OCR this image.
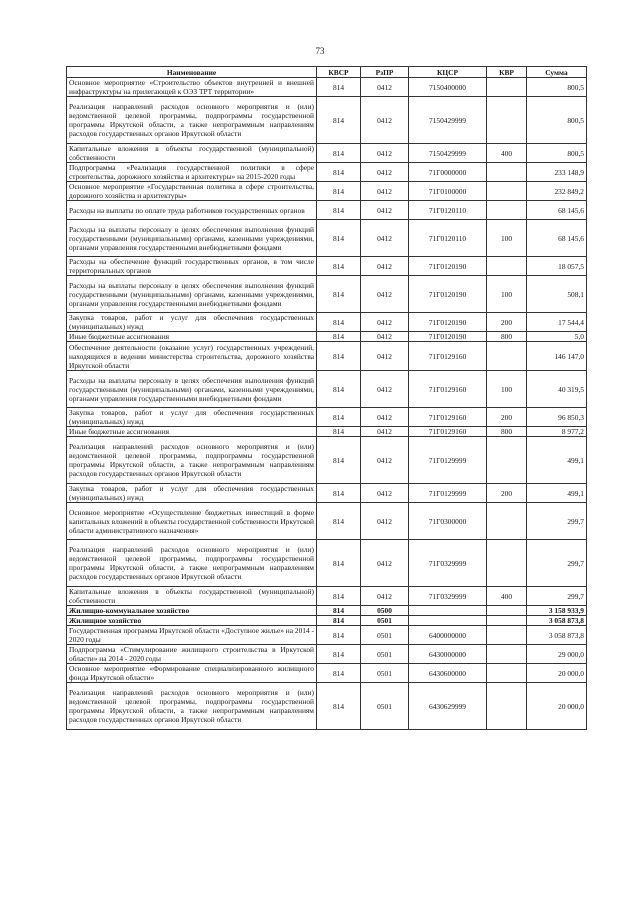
73
Наименование	КВСР	РзПР	КЦСР	КВР	Сумма
Основное мероприятие «Строительство объектов внутренней и внешней инфраструктуры на прилегающей к ОЭЗ ТРТ территории»	814	0412	7150400000		800,5
Реализация направлений расходов основного мероприятия и (или) ведомственной целевой программы, подпрограммы государственной программы Иркутской области, а также непрограммным направлениям расходов государственных органов Иркутской области	814	0412	7150429999		800,5
Капитальные вложения в объекты государственной (муниципальной) собственности	814	0412	7150429999	400	800,5
Подпрограмма «Реализация государственной политики в сфере строительства, дорожного хозяйства и архитектуры» на 2015-2020 годы	814	0412	71Г0000000		233 148,9
Основное мероприятие «Государственная политика в сфере строительства, дорожного хозяйства и архитектуры»	814	0412	71Г0100000		232 849,2
Расходы на выплаты по оплате труда работников государственных органов	814	0412	71Г0120110		68 145,6
Расходы на выплаты персоналу в целях обеспечения выполнения функций государственными (муниципальными) органами, казенными учреждениями, органами управления государственными внебюджетными фондами	814	0412	71Г0120110	100	68 145,6
Расходы на обеспечение функций государственных органов, в том числе территориальных органов	814	0412	71Г0120190		18 057,5
Расходы на выплаты персоналу в целях обеспечения выполнения функций государственными (муниципальными) органами, казенными учреждениями, органами управления государственными внебюджетными фондами	814	0412	71Г0120190	100	508,1
Закупка товаров, работ и услуг для обеспечения государственных (муниципальных) нужд	814	0412	71Г0120190	200	17 544,4
Иные бюджетные ассигнования	814	0412	71Г0120190	800	5,0
Обеспечение деятельности (оказание услуг) государственных учреждений, находящихся в ведении министерства строительства, дорожного хозяйства Иркутской области	814	0412	71Г0129160		146 147,0
Расходы на выплаты персоналу в целях обеспечения выполнения функций государственными (муниципальными) органами, казенными учреждениями, органами управления государственными внебюджетными фондами	814	0412	71Г0129160	100	40 319,5
Закупка товаров, работ и услуг для обеспечения государственных (муниципальных) нужд	814	0412	71Г0129160	200	96 850,3
Иные бюджетные ассигнования	814	0412	71Г0129160	800	8 977,2
Реализация направлений расходов основного мероприятия и (или) ведомственной целевой программы, подпрограммы государственной программы Иркутской области, а также непрограммным направлениям расходов государственных органов Иркутской области	814	0412	71Г0129999		499,1
Закупка товаров, работ и услуг для обеспечения государственных (муниципальных) нужд	814	0412	71Г0129999	200	499,1
Основное мероприятие «Осуществление бюджетных инвестиций в форме капитальных вложений в объекты государственной собственности Иркутской области административного назначения»	814	0412	71Г0300000		299,7
Реализация направлений расходов основного мероприятия и (или) ведомственной целевой программы, подпрограммы государственной программы Иркутской области, а также непрограммным направлениям расходов государственных органов Иркутской области	814	0412	71Г0329999		299,7
Капитальные вложения в объекты государственной (муниципальной) собственности	814	0412	71Г0329999	400	299,7
Жилищно-коммунальное хозяйство	814	0500			3 158 933,9
Жилищное хозяйство	814	0501			3 058 873,8
Государственная программа Иркутской области «Доступное жилье» на 2014 - 2020 годы	814	0501	6400000000		3 058 873,8
Подпрограмма «Стимулирование жилищного строительства в Иркутской области» на 2014 - 2020 годы	814	0501	6430000000		29 000,0
Основное мероприятие «Формирование специализированного жилищного фонда Иркутской области»	814	0501	6430600000		20 000,0
Реализация направлений расходов основного мероприятия и (или) ведомственной целевой программы, подпрограммы государственной программы Иркутской области, а также непрограммным направлениям расходов государственных органов Иркутской области	814	0501	6430629999		20 000,0
